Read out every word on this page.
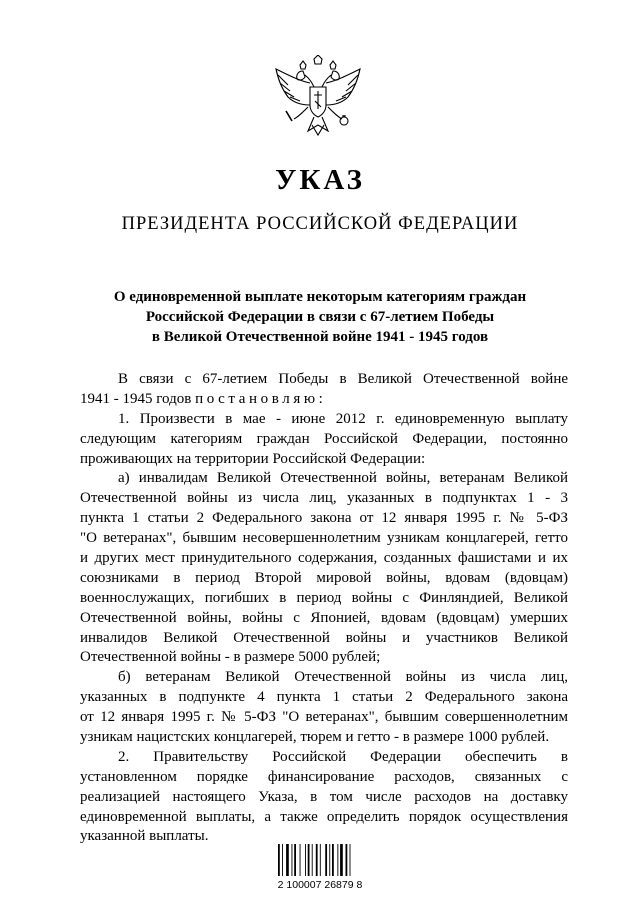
УКАЗ
ПРЕЗИДЕНТА РОССИЙСКОЙ ФЕДЕРАЦИИ
О единовременной выплате некоторым категориям граждан
Российской Федерации в связи с 67-летием Победы
в Великой Отечественной войне 1941 - 1945 годов
В связи с 67-летием Победы в Великой Отечественной войне
1941 - 1945 годов постановляю:
1. Произвести в мае - июне 2012 г. единовременную выплату
следующим категориям граждан Российской Федерации, постоянно
проживающих на территории Российской Федерации:
а) инвалидам Великой Отечественной войны, ветеранам Великой
Отечественной войны из числа лиц, указанных в подпунктах 1 - 3
пункта 1 статьи 2 Федерального закона от 12 января 1995 г. № 5-ФЗ
"О ветеранах", бывшим несовершеннолетним узникам концлагерей, гетто
и других мест принудительного содержания, созданных фашистами и их
союзниками в период Второй мировой войны, вдовам (вдовцам)
военнослужащих, погибших в период войны с Финляндией, Великой
Отечественной войны, войны с Японией, вдовам (вдовцам) умерших
инвалидов Великой Отечественной войны и участников Великой
Отечественной войны - в размере 5000 рублей;
б) ветеранам Великой Отечественной войны из числа лиц,
указанных в подпункте 4 пункта 1 статьи 2 Федерального закона
от 12 января 1995 г. № 5-ФЗ "О ветеранах", бывшим совершеннолетним
узникам нацистских концлагерей, тюрем и гетто - в размере 1000 рублей.
2. Правительству Российской Федерации обеспечить в
установленном порядке финансирование расходов, связанных с
реализацией настоящего Указа, в том числе расходов на доставку
единовременной выплаты, а также определить порядок осуществления
указанной выплаты.
2 100007 26879 8
